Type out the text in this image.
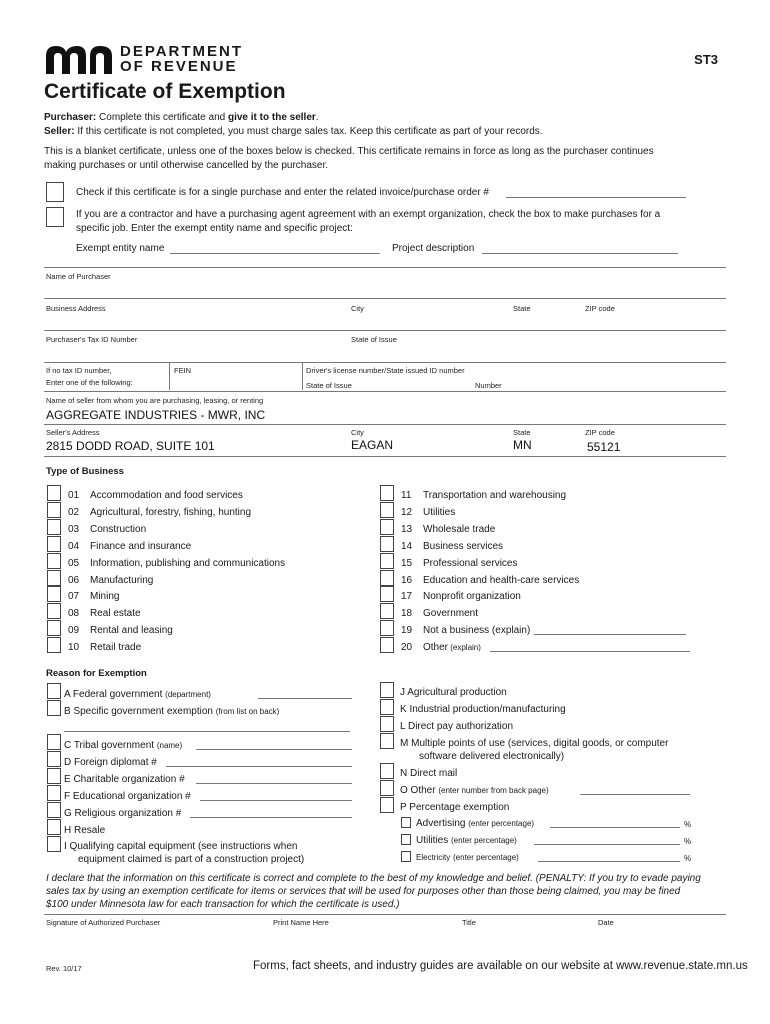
DEPARTMENT
OF REVENUE	ST3
Certificate of Exemption
Purchaser: Complete this certificate and give it to the seller.
Seller: If this certificate is not completed, you must charge sales tax. Keep this certificate as part of your records.
This is a blanket certificate, unless one of the boxes below is checked. This certificate remains in force as long as the purchaser continues
making purchases or until otherwise cancelled by the purchaser.
Check if this certificate is for a single purchase and enter the related invoice/purchase order #
If you are a contractor and have a purchasing agent agreement with an exempt organization, check the box to make purchases for a
specific job. Enter the exempt entity name and specific project:
Exempt entity name	Project description
Name of Purchaser
Business Address	City	State	ZIP code
Purchaser's Tax ID Number	State of Issue
If no tax ID number,
Enter one of the following:
FEIN	Driver's license number/State issued ID number
State of Issue	Number
Name of seller from whom you are purchasing, leasing, or renting
AGGREGATE INDUSTRIES - MWR, INC
Seller's Address	City	State	ZIP code
2815 DODD ROAD, SUITE 101	EAGAN	MN	55121
Type of Business
01 Accommodation and food services
02 Agricultural, forestry, fishing, hunting
03 Construction
04 Finance and insurance
05 Information, publishing and communications
06 Manufacturing
07 Mining
08 Real estate
09 Rental and leasing
10 Retail trade
11 Transportation and warehousing
12 Utilities
13 Wholesale trade
14 Business services
15 Professional services
16 Education and health-care services
17 Nonprofit organization
18 Government
19 Not a business (explain)
20 Other (explain)
Reason for Exemption
A Federal government (department)
B Specific government exemption (from list on back)
C Tribal government (name)
D Foreign diplomat #
E Charitable organization #
F Educational organization #
G Religious organization #
H Resale
I Qualifying capital equipment (see instructions when
equipment claimed is part of a construction project)
J Agricultural production
K Industrial production/manufacturing
L Direct pay authorization
M Multiple points of use (services, digital goods, or computer
software delivered electronically)
N Direct mail
O Other (enter number from back page)
P Percentage exemption
Advertising (enter percentage)	%
Utilities (enter percentage)	%
Electricity (enter percentage)	%
I declare that the information on this certificate is correct and complete to the best of my knowledge and belief. (PENALTY: If you try to evade paying
sales tax by using an exemption certificate for items or services that will be used for purposes other than those being claimed, you may be fined
$100 under Minnesota law for each transaction for which the certificate is used.)
Signature of Authorized Purchaser	Print Name Here	Title	Date
Rev. 10/17	Forms, fact sheets, and industry guides are available on our website at www.revenue.state.mn.us
